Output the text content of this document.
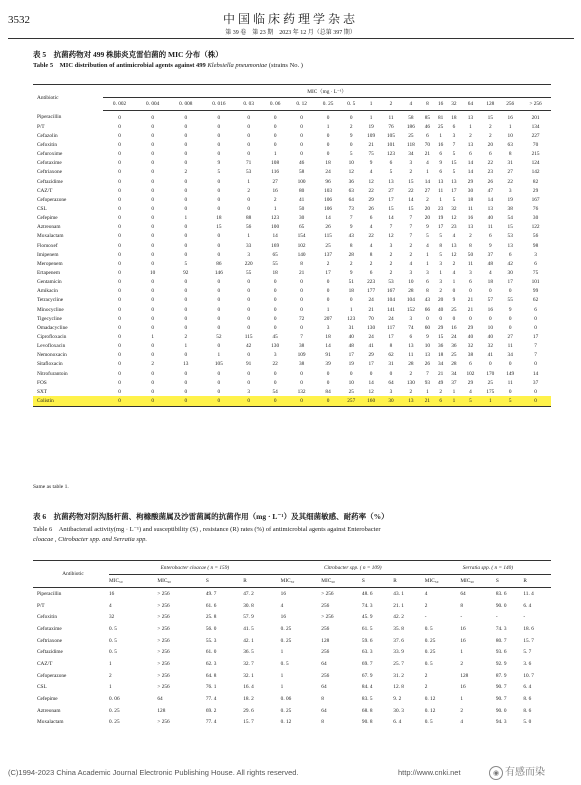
3532	中国临床药理学杂志
第 39 卷　第 23 期　2023 年 12 月（总第 397 期）
表 5　抗菌药物对 499 株肺炎克雷伯菌的 MIC 分布（株）
Table 5　MIC distribution of antimicrobial agents against 499 Klebsiella pneumoniae (strains No. )
Antibiotic	MIC（mg · L⁻¹）																		
	0. 002	0. 004	0. 008	0. 016	0. 03	0. 06	0. 12	0. 25	0. 5	1	2	4	8	16	32	64	128	256	> 256
Piperacillin	0	0	0	0	0	0	0	0	0	1	11	58	85	81	18	13	15	16	201
P/T	0	0	0	0	0	0	0	1	2	19	76	186	46	25	6	1	2	1	134
Cefazolin	0	0	0	0	0	0	0	0	9	109	105	25	6	1	3	2	2	10	227
Cefoxitin	0	0	0	0	0	0	0	0	0	21	101	118	70	16	7	13	20	63	70
Cefuroxime	0	0	0	0	0	1	0	0	5	75	123	34	21	6	5	6	6	8	215
Cefotaxime	0	0	0	9	71	108	46	18	10	9	6	3	4	9	15	14	22	31	124
Ceftriaxone	0	0	2	5	53	116	58	24	12	4	5	2	1	6	5	14	23	27	142
Ceftazidime	0	0	0	0	1	27	100	96	36	12	13	15	14	13	13	29	26	22	82
CAZ/T	0	0	0	0	2	16	80	103	63	22	27	22	27	11	17	30	47	3	29
Cefoperazone	0	0	0	0	0	2	41	106	64	29	17	14	2	1	5	18	14	19	167
CSL	0	0	0	0	0	1	50	106	73	26	15	15	20	23	32	11	13	38	76
Cefepime	0	0	1	18	88	123	30	14	7	6	14	7	20	19	12	16	40	54	30
Aztreonam	0	0	0	15	56	100	65	26	9	4	7	7	9	17	23	13	11	15	122
Moxalactam	0	0	0	0	1	14	154	115	43	22	12	7	5	5	4	2	6	53	56
Flomoxef	0	0	0	0	33	169	102	25	8	4	3	2	4	8	13	8	9	13	98
Imipenem	0	0	0	0	3	65	140	137	28	8	2	2	1	5	12	50	37	6	3
Meropenem	0	0	5	86	220	55	8	2	2	2	2	4	1	3	2	11	48	42	6
Ertapenem	0	10	92	146	55	18	21	17	9	6	2	3	3	1	4	3	4	30	75
Gentamicin	0	0	0	0	0	0	0	0	51	223	53	10	6	3	1	6	18	17	101
Amikacin	0	0	0	0	0	0	0	0	18	177	167	28	8	2	0	0	0	0	99
Tetracycline	0	0	0	0	0	0	0	0	0	24	104	104	43	20	9	21	57	55	62
Minocycline	0	0	0	0	0	0	0	1	1	21	141	152	66	40	25	21	16	9	6
Tigecycline	0	0	0	0	0	0	72	207	123	70	24	3	0	0	0	0	0	0	0
Omadacycline	0	0	0	0	0	0	0	3	31	130	117	74	60	29	16	29	10	0	0
Ciprofloxacin	0	1	2	52	115	45	7	18	40	24	17	6	9	15	24	40	40	27	17
Levofloxacin	0	0	1	0	42	130	38	14	48	41	8	13	10	36	36	32	32	11	7
Nemonoxacin	0	0	0	1	0	3	109	91	17	29	62	11	13	18	25	38	41	34	7
Sitafloxacin	0	2	13	105	91	22	38	39	19	17	31	28	26	34	28	6	0	0	0
Nitrofurantoin	0	0	0	0	0	0	0	0	0	0	0	2	7	21	34	102	170	149	14
FOS	0	0	0	0	0	0	0	0	10	14	64	130	93	49	37	29	25	11	37
SXT	0	0	0	0	3	54	132	84	25	12	3	2	1	2	1	4	175	0	0
Colistin	0	0	0	0	0	0	0	0	257	160	30	13	21	6	1	5	1	5	0
Same as table 1.
表 6　抗菌药物对阴沟肠杆菌、枸橼酸菌属及沙雷菌属的抗菌作用（mg · L⁻¹）及其细菌敏感、耐药率（%）
Table 6　Antibacterail activity(mg · L⁻¹) and susceptibility (S) , resistance (R) rates (%) of antimicrobial agents against Enterobacter
cloacae , Citrobacter spp. and Serratia spp.
Antibiotic	Enterobacter cloacae ( n = 159)				Citrobacter spp. ( n = 109)				Serratia spp. ( n = 140)			
	MIC₅₀	MIC₉₀	S	R	MIC₅₀	MIC₉₀	S	R	MIC₅₀	MIC₉₀	S	R
Piperacillin	16	> 256	49. 7	47. 2	16	> 256	48. 6	43. 1	4	64	83. 6	11. 4
P/T	4	> 256	61. 6	30. 8	4	256	74. 3	21. 1	2	8	90. 0	6. 4
Cefoxitin	32	> 256	25. 8	57. 9	16	> 256	45. 9	42. 2	-	-	-	-
Cefotaxime	0. 5	> 256	56. 0	41. 5	0. 25	256	61. 5	35. 8	0. 5	16	74. 3	18. 6
Ceftriaxone	0. 5	> 256	55. 3	42. 1	0. 25	128	59. 6	37. 6	0. 25	16	80. 7	15. 7
Ceftazidime	0. 5	> 256	61. 0	36. 5	1	256	63. 3	33. 9	0. 25	1	93. 6	5. 7
CAZ/T	1	> 256	62. 3	32. 7	0. 5	64	69. 7	25. 7	0. 5	2	92. 9	3. 6
Cefoperazone	2	> 256	64. 8	32. 1	1	256	67. 9	31. 2	2	128	87. 9	10. 7
CSL	1	> 256	76. 1	16. 4	1	64	84. 4	12. 8	2	16	90. 7	6. 4
Cefepime	0. 06	64	77. 4	18. 2	0. 06	8	83. 5	9. 2	0. 12	1	90. 7	8. 6
Aztreonam	0. 25	128	69. 2	29. 6	0. 25	64	68. 8	30. 3	0. 12	2	90. 0	8. 6
Moxalactam	0. 25	> 256	77. 4	15. 7	0. 12	8	90. 8	6. 4	0. 5	4	94. 3	5. 0
(C)1994-2023 China Academic Journal Electronic Publishing House. All rights reserved.	http://www.cnki.net	◉ 有感而染
